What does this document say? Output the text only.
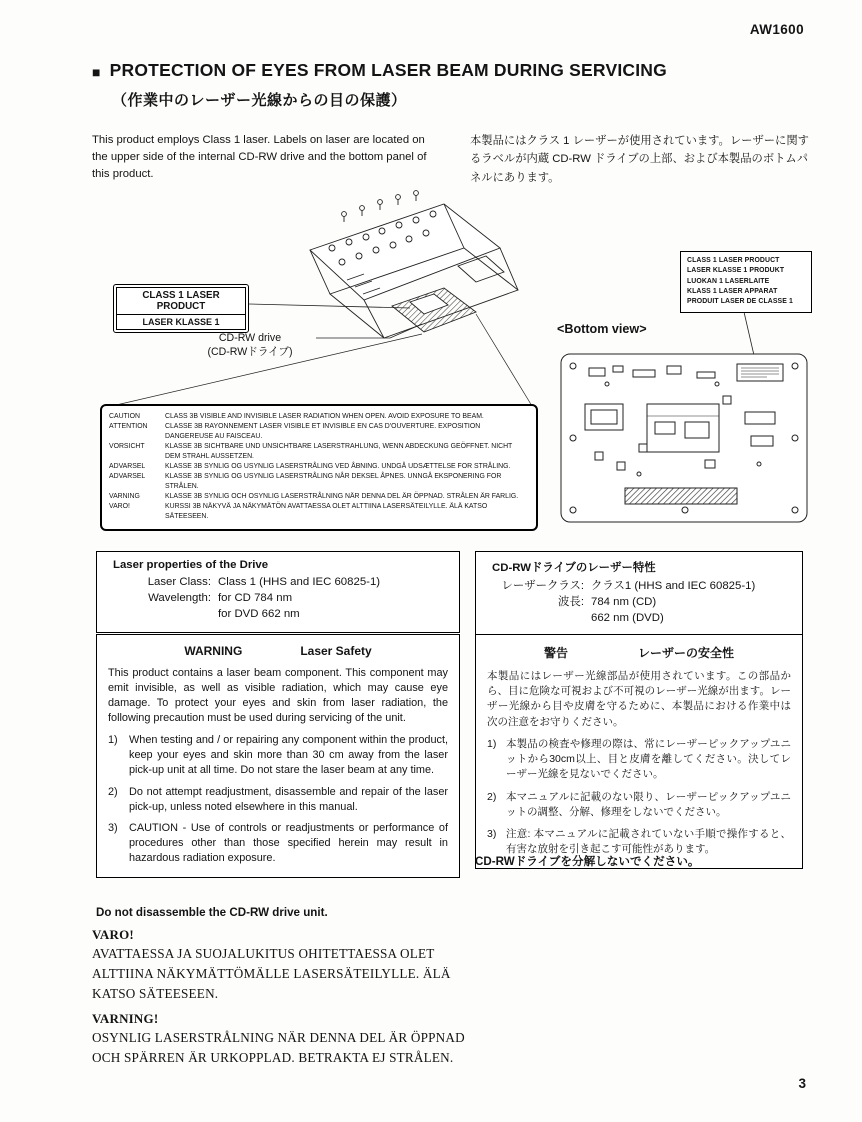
AW1600
■ PROTECTION OF EYES FROM LASER BEAM DURING SERVICING
（作業中のレーザー光線からの目の保護）
This product employs Class 1 laser. Labels on laser are located on the upper side of the internal CD-RW drive and the bottom panel of this product.
本製品にはクラス 1 レーザーが使用されています。レーザーに関するラベルが内蔵 CD-RW ドライブの上部、および本製品のボトムパネルにあります。
CLASS 1 LASER PRODUCT
LASER KLASSE 1
CD-RW drive
(CD-RWドライブ)
CLASS 1 LASER PRODUCT
LASER KLASSE 1 PRODUKT
LUOKAN 1 LASERLAITE
KLASS 1 LASER APPARAT
PRODUIT LASER DE CLASSE 1
<Bottom view>
CAUTION	CLASS 3B VISIBLE AND INVISIBLE LASER RADIATION WHEN OPEN. AVOID EXPOSURE TO BEAM.
ATTENTION	CLASSE 3B RAYONNEMENT LASER VISIBLE ET INVISIBLE EN CAS D'OUVERTURE. EXPOSITION DANGEREUSE AU FAISCEAU.
VORSICHT	KLASSE 3B SICHTBARE UND UNSICHTBARE LASERSTRAHLUNG, WENN ABDECKUNG GEÖFFNET. NICHT DEM STRAHL AUSSETZEN.
ADVARSEL	KLASSE 3B SYNLIG OG USYNLIG LASERSTRÅLING VED ÅBNING. UNDGÅ UDSÆTTELSE FOR STRÅLING.
ADVARSEL	KLASSE 3B SYNLIG OG USYNLIG LASERSTRÅLING NÅR DEKSEL ÅPNES. UNNGÅ EKSPONERING FOR STRÅLEN.
VARNING	KLASSE 3B SYNLIG OCH OSYNLIG LASERSTRÅLNING NÄR DENNA DEL ÄR ÖPPNAD. STRÅLEN ÄR FARLIG.
VARO!	KURSSI 3B NÄKYVÄ JA NÄKYMÄTÖN AVATTAESSA OLET ALTTIINA LASERSÄTEILYLLE. ÄLÄ KATSO SÄTEESEEN.
Laser properties of the Drive
Laser Class: Class 1 (HHS and IEC 60825-1)
Wavelength: for CD 784 nm
for DVD 662 nm
CD-RWドライブのレーザー特性
レーザークラス: クラス1 (HHS and IEC 60825-1)
波長: 784 nm (CD)
662 nm (DVD)
WARNING	Laser Safety
This product contains a laser beam component. This component may emit invisible, as well as visible radiation, which may cause eye damage. To protect your eyes and skin from laser radiation, the following precaution must be used during servicing of the unit.
1)	When testing and / or repairing any component within the product, keep your eyes and skin more than 30 cm away from the laser pick-up unit at all time. Do not stare the laser beam at any time.
2)	Do not attempt readjustment, disassemble and repair of the laser pick-up, unless noted elsewhere in this manual.
3)	CAUTION - Use of controls or readjustments or performance of procedures other than those specified herein may result in hazardous radiation exposure.
警告	レーザーの安全性
本製品にはレーザー光線部品が使用されています。この部品から、目に危険な可視および不可視のレーザー光線が出ます。レーザー光線から目や皮膚を守るために、本製品における作業中は次の注意をお守りください。
1) 本製品の検査や修理の際は、常にレーザーピックアップユニットから30cm以上、目と皮膚を離してください。決してレーザー光線を見ないでください。
2) 本マニュアルに記載のない限り、レーザーピックアップユニットの調整、分解、修理をしないでください。
3) 注意: 本マニュアルに記載されていない手順で操作すると、有害な放射を引き起こす可能性があります。
CD-RWドライブを分解しないでください。
Do not disassemble the CD-RW drive unit.
VARO!
AVATTAESSA JA SUOJALUKITUS OHITETTAESSA OLET ALTTIINA NÄKYMÄTTÖMÄLLE LASERSÄTEILYLLE. ÄLÄ KATSO SÄTEESEEN.
VARNING!
OSYNLIG LASERSTRÅLNING NÄR DENNA DEL ÄR ÖPPNAD OCH SPÄRREN ÄR URKOPPLAD. BETRAKTA EJ STRÅLEN.
3
